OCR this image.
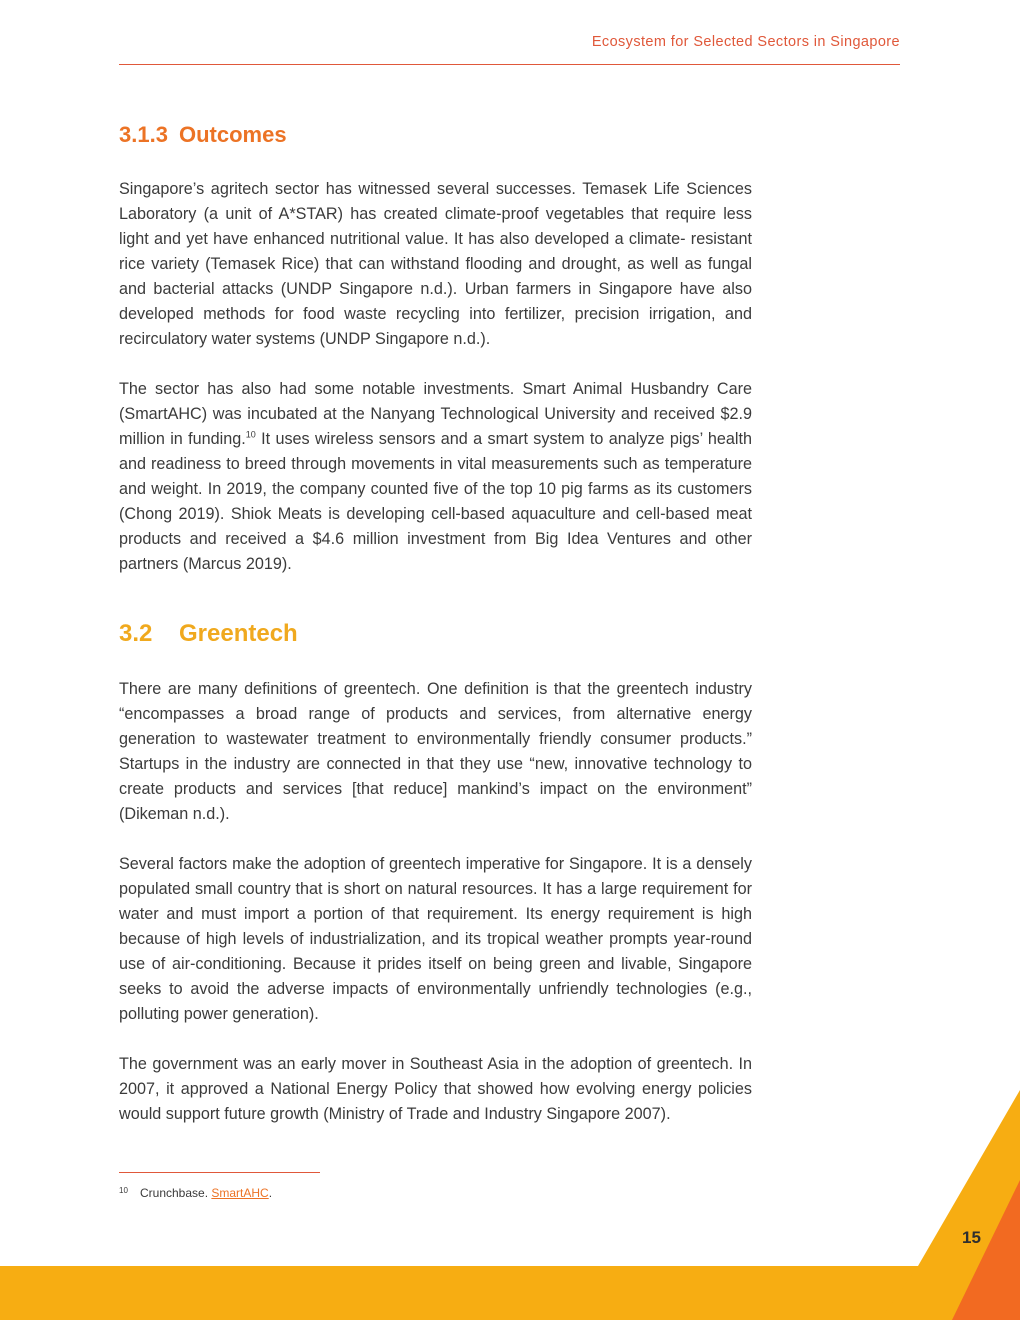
Ecosystem for Selected Sectors in Singapore
3.1.3 Outcomes

Singapore’s agritech sector has witnessed several successes. Temasek Life Sciences Laboratory (a unit of A*STAR) has created climate-proof vegetables that require less light and yet have enhanced nutritional value. It has also developed a climate- resistant rice variety (Temasek Rice) that can withstand flooding and drought, as well as fungal and bacterial attacks (UNDP Singapore n.d.). Urban farmers in Singapore have also developed methods for food waste recycling into fertilizer, precision irrigation, and recirculatory water systems (UNDP Singapore n.d.).

The sector has also had some notable investments. Smart Animal Husbandry Care (SmartAHC) was incubated at the Nanyang Technological University and received $2.9 million in funding.$^{10}$ It uses wireless sensors and a smart system to analyze pigs’ health and readiness to breed through movements in vital measurements such as temperature and weight. In 2019, the company counted five of the top 10 pig farms as its customers (Chong 2019). Shiok Meats is developing cell-based aquaculture and cell-based meat products and received a $4.6 million investment from Big Idea Ventures and other partners (Marcus 2019).

3.2 Greentech

There are many definitions of greentech. One definition is that the greentech industry “encompasses a broad range of products and services, from alternative energy generation to wastewater treatment to environmentally friendly consumer products.” Startups in the industry are connected in that they use “new, innovative technology to create products and services [that reduce] mankind’s impact on the environment” (Dikeman n.d.).

Several factors make the adoption of greentech imperative for Singapore. It is a densely populated small country that is short on natural resources. It has a large requirement for water and must import a portion of that requirement. Its energy requirement is high because of high levels of industrialization, and its tropical weather prompts year-round use of air-conditioning. Because it prides itself on being green and livable, Singapore seeks to avoid the adverse impacts of environmentally unfriendly technologies (e.g., polluting power generation).

The government was an early mover in Southeast Asia in the adoption of greentech. In 2007, it approved a National Energy Policy that showed how evolving energy policies would support future growth (Ministry of Trade and Industry Singapore 2007).

10 Crunchbase. SmartAHC.
15
